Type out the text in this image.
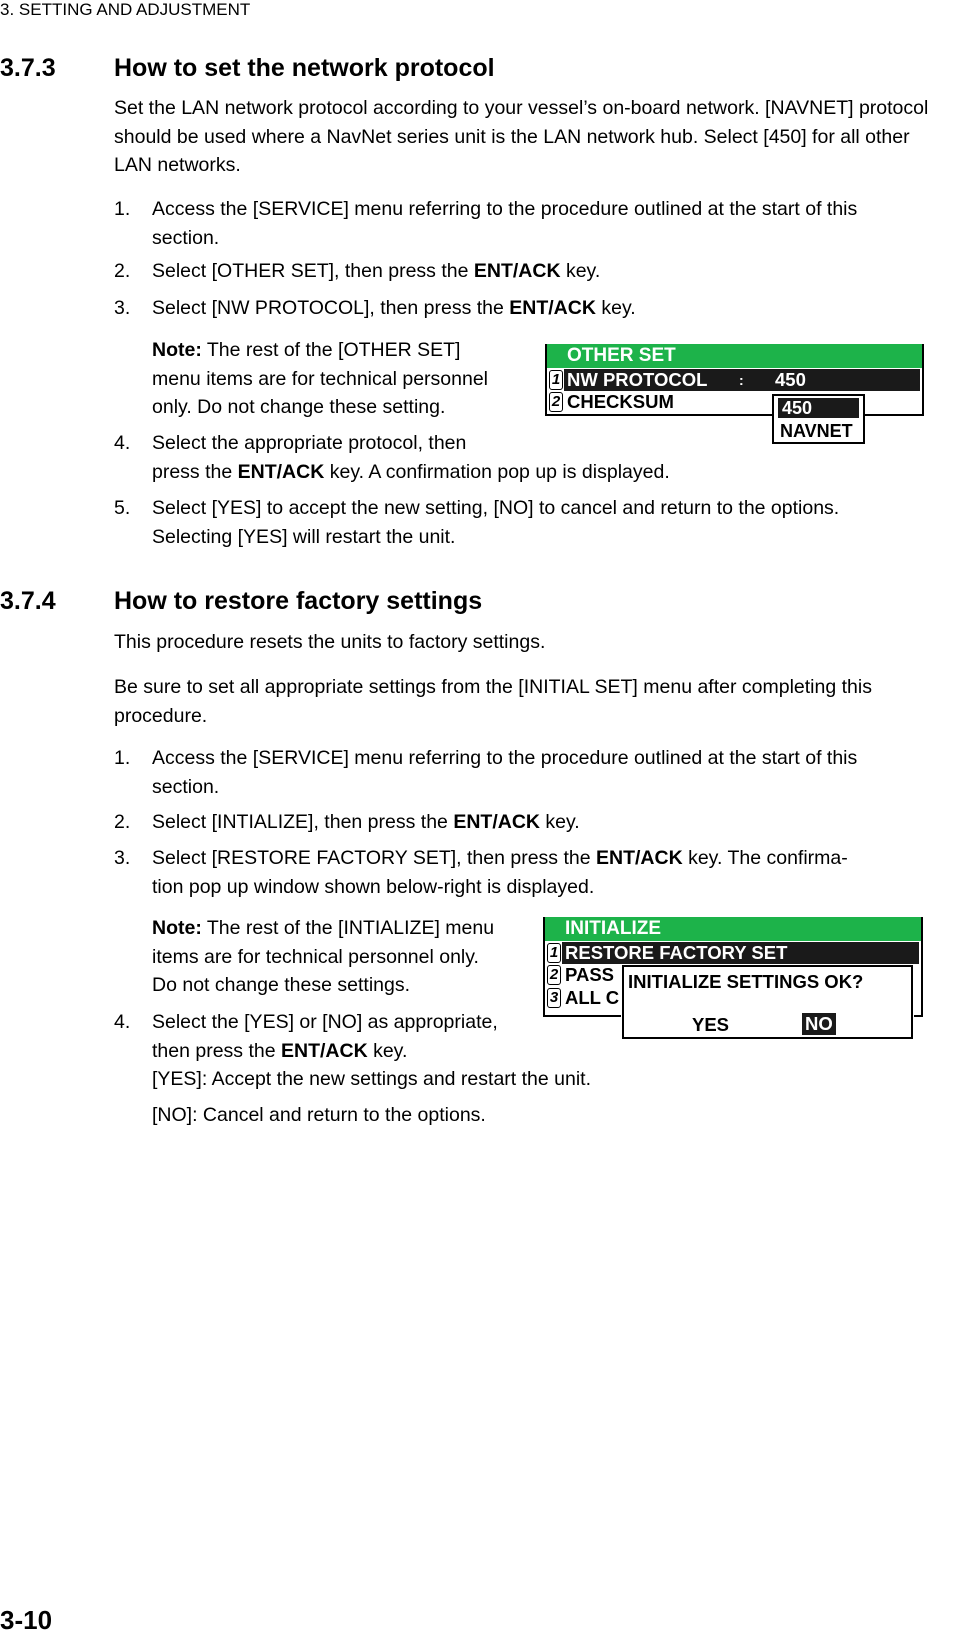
3. SETTING AND ADJUSTMENT
3.7.3 How to set the network protocol
Set the LAN network protocol according to your vessel’s on-board network. [NAVNET] protocol should be used where a NavNet series unit is the LAN network hub. Select [450] for all other LAN networks.
1. Access the [SERVICE] menu referring to the procedure outlined at the start of this
section.
2. Select [OTHER SET], then press the ENT/ACK key.
3. Select [NW PROTOCOL], then press the ENT/ACK key.
Note: The rest of the [OTHER SET]
menu items are for technical personnel
only. Do not change these setting.
4. Select the appropriate protocol, then
press the ENT/ACK key. A confirmation pop up is displayed.
5. Select [YES] to accept the new setting, [NO] to cancel and return to the options.
Selecting [YES] will restart the unit.
OTHER SET
1 NW PROTOCOL : 450
2 CHECKSUM	450
NAVNET
3.7.4 How to restore factory settings
This procedure resets the units to factory settings.
Be sure to set all appropriate settings from the [INITIAL SET] menu after completing this procedure.
1. Access the [SERVICE] menu referring to the procedure outlined at the start of this
section.
2. Select [INTIALIZE], then press the ENT/ACK key.
3. Select [RESTORE FACTORY SET], then press the ENT/ACK key. The confirma-
tion pop up window shown below-right is displayed.
Note: The rest of the [INTIALIZE] menu
items are for technical personnel only.
Do not change these settings.
4. Select the [YES] or [NO] as appropriate,
then press the ENT/ACK key.
[YES]: Accept the new settings and restart the unit.
[NO]: Cancel and return to the options.
INITIALIZE
1 RESTORE FACTORY SET
2 PASS
3 ALL C
INITIALIZE SETTINGS OK?
YES	NO
3-10
